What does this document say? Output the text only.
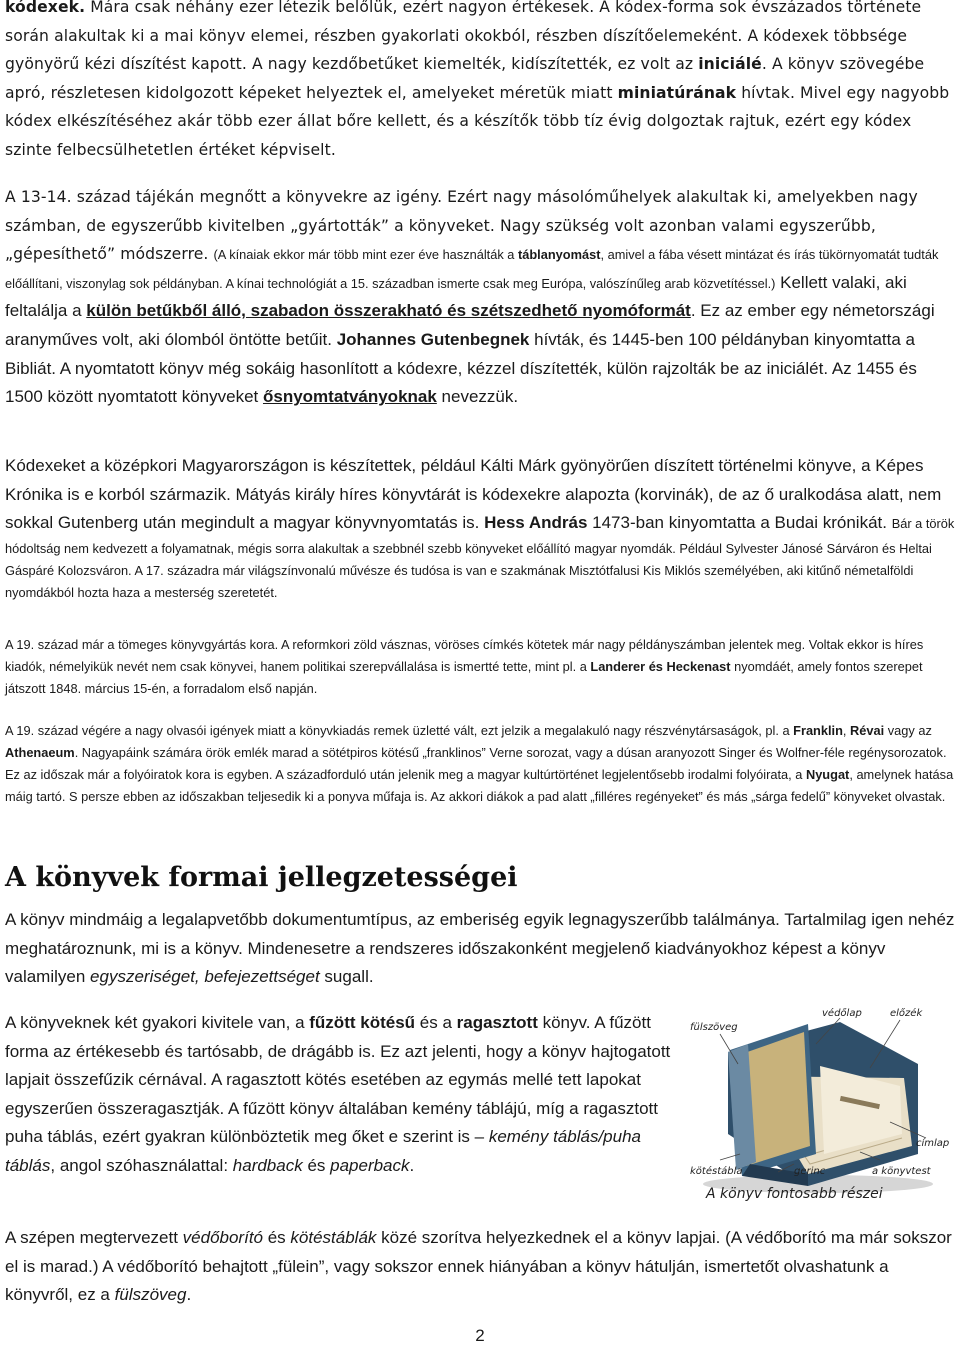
kódexek. Mára csak néhány ezer létezik belőlük, ezért nagyon értékesek. A kódex-forma sok évszázados története során alakultak ki a mai könyv elemei, részben gyakorlati okokból, részben díszítőelemeként. A kódexek többsége gyönyörű kézi díszítést kapott. A nagy kezdőbetűket kiemelték, kidíszítették, ez volt az iniciálé. A könyv szövegébe apró, részletesen kidolgozott képeket helyeztek el, amelyeket méretük miatt miniatúrának hívtak. Mivel egy nagyobb kódex elkészítéséhez akár több ezer állat bőre kellett, és a készítők több tíz évig dolgoztak rajtuk, ezért egy kódex szinte felbecsülhetetlen értéket képviselt.

A 13-14. század tájékán megnőtt a könyvekre az igény. Ezért nagy másolóműhelyek alakultak ki, amelyekben nagy számban, de egyszerűbb kivitelben „gyártották” a könyveket. Nagy szükség volt azonban valami egyszerűbb, „gépesíthető” módszerre. (A kínaiak ekkor már több mint ezer éve használták a táblanyomást, amivel a fába vésett mintázat és írás tükörnyomatát tudták előállítani, viszonylag sok példányban. A kínai technológiát a 15. században ismerte csak meg Európa, valószínűleg arab közvetítéssel.) Kellett valaki, aki feltalálja a külön betűkből álló, szabadon összerakható és szétszedhető nyomóformát. Ez az ember egy németországi aranyműves volt, aki ólomból öntötte betűit. Johannes Gutenbegnek hívták, és 1445-ben 100 példányban kinyomtatta a Bibliát. A nyomtatott könyv még sokáig hasonlított a kódexre, kézzel díszítették, külön rajzolták be az iniciálét. Az 1455 és 1500 között nyomtatott könyveket ősnyomtatványoknak nevezzük.

Kódexeket a középkori Magyarországon is készítettek, például Kálti Márk gyönyörűen díszített történelmi könyve, a Képes Krónika is e korból származik. Mátyás király híres könyvtárát is kódexekre alapozta (korvinák), de az ő uralkodása alatt, nem sokkal Gutenberg után megindult a magyar könyvnyomtatás is. Hess András 1473-ban kinyomtatta a Budai krónikát. Bár a török hódoltság nem kedvezett a folyamatnak, mégis sorra alakultak a szebbnél szebb könyveket előállító magyar nyomdák. Például Sylvester Jánosé Sárváron és Heltai Gáspáré Kolozsváron. A 17. századra már világszínvonalú művésze és tudósa is van e szakmának Misztótfalusi Kis Miklós személyében, aki kitűnő németalföldi nyomdákból hozta haza a mesterség szeretetét.

A 19. század már a tömeges könyvgyártás kora. A reformkori zöld vásznas, vöröses címkés kötetek már nagy példányszámban jelentek meg. Voltak ekkor is híres kiadók, némelyikük nevét nem csak könyvei, hanem politikai szerepvállalása is ismertté tette, mint pl. a Landerer és Heckenast nyomdáét, amely fontos szerepet játszott 1848. március 15-én, a forradalom első napján.

A 19. század végére a nagy olvasói igények miatt a könyvkiadás remek üzletté vált, ezt jelzik a megalakuló nagy részvénytársaságok, pl. a Franklin, Révai vagy az Athenaeum. Nagyapáink számára örök emlék marad a sötétpiros kötésű „franklinos” Verne sorozat, vagy a dúsan aranyozott Singer és Wolfner-féle regénysorozatok. Ez az időszak már a folyóiratok kora is egyben. A századforduló után jelenik meg a magyar kultúrtörténet legjelentősebb irodalmi folyóirata, a Nyugat, amelynek hatása máig tartó. S persze ebben az időszakban teljesedik ki a ponyva műfaja is. Az akkori diákok a pad alatt „filléres regényeket” és más „sárga fedelű” könyveket olvastak.

A könyvek formai jellegzetességei

A könyv mindmáig a legalapvetőbb dokumentumtípus, az emberiség egyik legnagyszerűbb találmánya. Tartalmilag igen nehéz meghatároznunk, mi is a könyv. Mindenesetre a rendszeres időszakonként megjelenő kiadványokhoz képest a könyv valamilyen egyszeriséget, befejezettséget sugall.

A könyveknek két gyakori kivitele van, a fűzött kötésű és a ragasztott könyv. A fűzött forma az értékesebb és tartósabb, de drágább is. Ez azt jelenti, hogy a könyv hajtogatott lapjait összefűzik cérnával. A ragasztott kötés esetében az egymás mellé tett lapokat egyszerűen összeragasztják. A fűzött könyv általában kemény táblájú, míg a ragasztott puha táblás, ezért gyakran különböztetik meg őket e szerint is – kemény táblás/puha táblás, angol szóhasználattal: hardback és paperback.

védőlap	előzék
fülszöveg
címlap
kötéstábla	gerinc	a könyvtest
A könyv fontosabb részei

A szépen megtervezett védőborító és kötéstáblák közé szorítva helyezkednek el a könyv lapjai. (A védőborító ma már sokszor el is marad.) A védőborító behajtott „fülein”, vagy sokszor ennek hiányában a könyv hátulján, ismertetőt olvashatunk a könyvről, ez a fülszöveg.

2
